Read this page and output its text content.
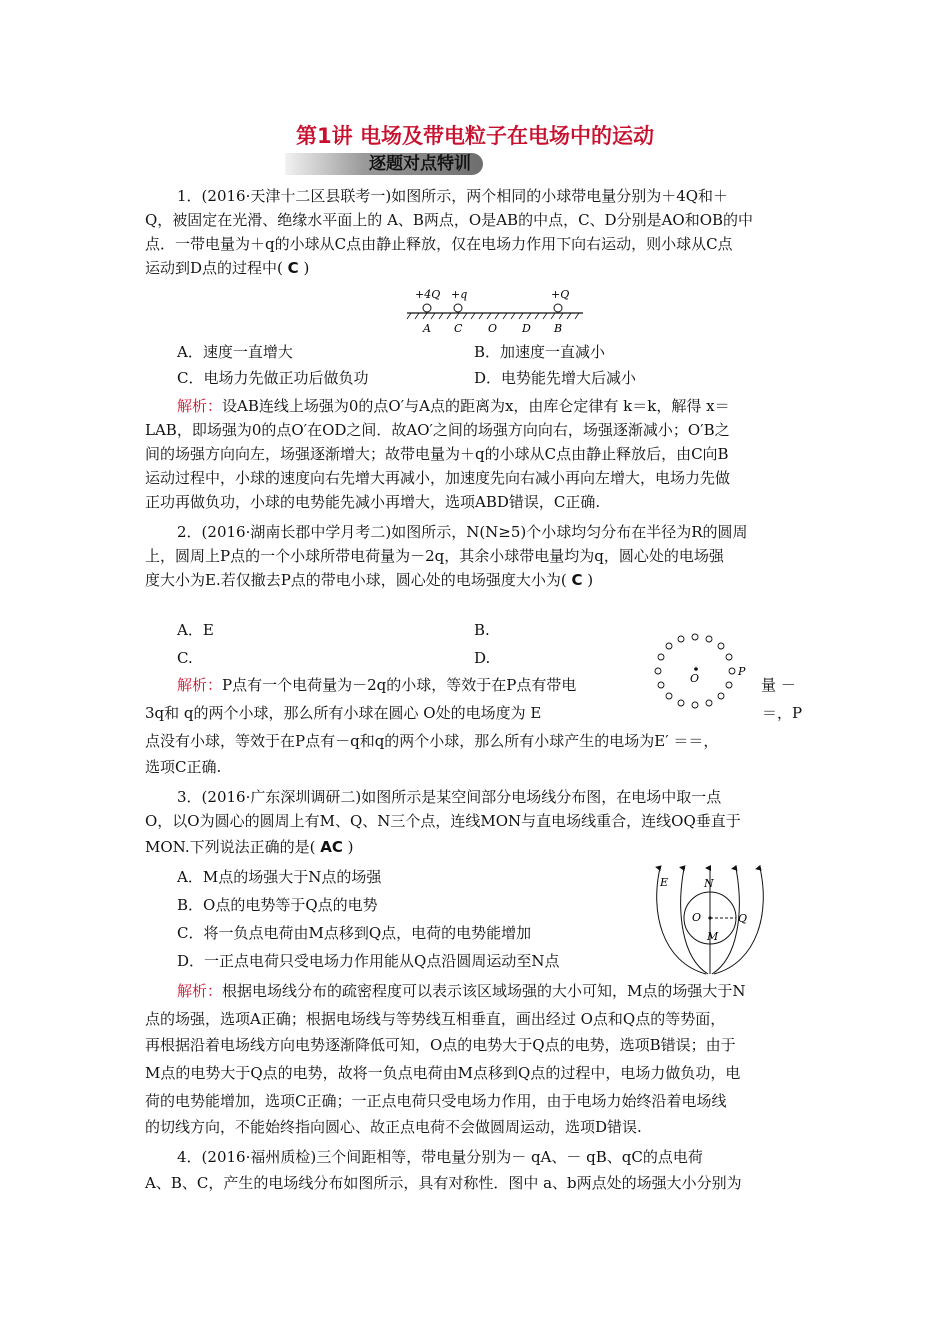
第1讲 电场及带电粒子在电场中的运动
逐题对点特训
1．(2016·天津十二区县联考一)如图所示，两个相同的小球带电量分别为＋4Q和＋
Q，被固定在光滑、绝缘水平面上的 A、B两点，O是AB的中点，C、D分别是AO和OB的中
点．一带电量为＋q的小球从C点由静止释放，仅在电场力作用下向右运动，则小球从C点
运动到D点的过程中( C )
+4Q +q	+Q
A C O D B
A．速度一直增大	B．加速度一直减小
C．电场力先做正功后做负功	D．电势能先增大后减小
解析：设AB连线上场强为0的点O′与A点的距离为x，由库仑定律有 k＝k，解得 x＝
LAB，即场强为0的点O′在OD之间．故AO′之间的场强方向向右，场强逐渐减小；O′B之
间的场强方向向左，场强逐渐增大；故带电量为＋q的小球从C点由静止释放后，由C向B
运动过程中，小球的速度向右先增大再减小，加速度先向右减小再向左增大，电场力先做
正功再做负功，小球的电势能先减小再增大，选项ABD错误，C正确.
2．(2016·湖南长郡中学月考二)如图所示，N(N≥5)个小球均匀分布在半径为R的圆周
上，圆周上P点的一个小球所带电荷量为－2q，其余小球带电量均为q，圆心处的电场强
度大小为E.若仅撤去P点的带电小球，圆心处的电场强度大小为( C )
A．E	B.
C.	D.
O
P
解析：P点有一个电荷量为－2q的小球，等效于在P点有带电	量 －
3q和 q的两个小球，那么所有小球在圆心 O处的电场度为 E	＝，P
点没有小球，等效于在P点有－q和q的两个小球，那么所有小球产生的电场为E′ ＝＝，
选项C正确.
3．(2016·广东深圳调研二)如图所示是某空间部分电场线分布图，在电场中取一点
O，以O为圆心的圆周上有M、Q、N三个点，连线MON与直电场线重合，连线OQ垂直于
MON.下列说法正确的是( AC )
A．M点的场强大于N点的场强
B．O点的电势等于Q点的电势
C．将一负点电荷由M点移到Q点，电荷的电势能增加
D．一正点电荷只受电场力作用能从Q点沿圆周运动至N点
E	N
O	Q
M
解析：根据电场线分布的疏密程度可以表示该区域场强的大小可知，M点的场强大于N
点的场强，选项A正确；根据电场线与等势线互相垂直，画出经过 O点和Q点的等势面，
再根据沿着电场线方向电势逐渐降低可知，O点的电势大于Q点的电势，选项B错误；由于
M点的电势大于Q点的电势，故将一负点电荷由M点移到Q点的过程中，电场力做负功，电
荷的电势能增加，选项C正确；一正点电荷只受电场力作用，由于电场力始终沿着电场线
的切线方向，不能始终指向圆心、故正点电荷不会做圆周运动，选项D错误.
4．(2016·福州质检)三个间距相等，带电量分别为－ qA、－ qB、qC的点电荷
A、B、C，产生的电场线分布如图所示，具有对称性．图中 a、b两点处的场强大小分别为
